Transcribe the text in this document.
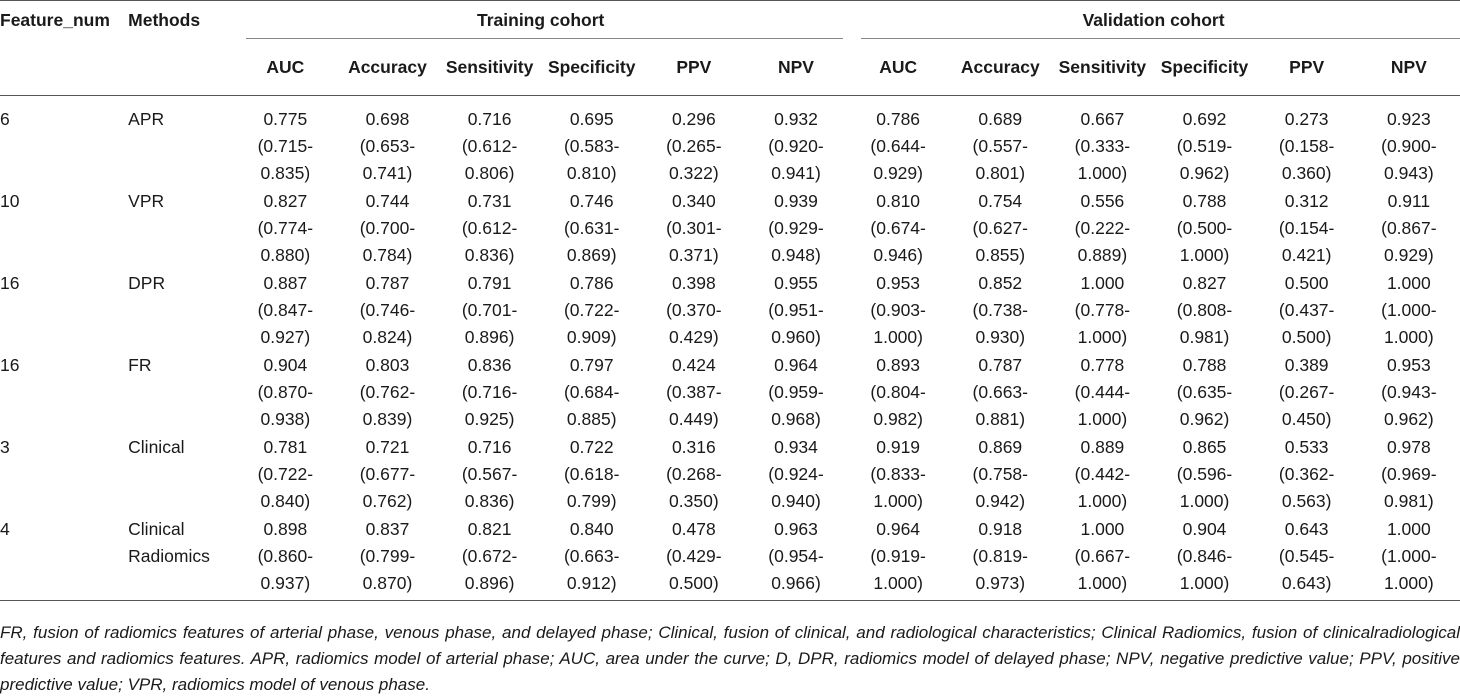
Feature_num	Methods	Training cohort						Validation cohort					

		AUC	Accuracy	Sensitivity	Specificity	PPV	NPV	AUC	Accuracy	Sensitivity	Specificity	PPV	NPV
6	APR	0.775
(0.715-
0.835)	0.698
(0.653-
0.741)	0.716
(0.612-
0.806)	0.695
(0.583-
0.810)	0.296
(0.265-
0.322)	0.932
(0.920-
0.941)	0.786
(0.644-
0.929)	0.689
(0.557-
0.801)	0.667
(0.333-
1.000)	0.692
(0.519-
0.962)	0.273
(0.158-
0.360)	0.923
(0.900-
0.943)

10	VPR	0.827
(0.774-
0.880)	0.744
(0.700-
0.784)	0.731
(0.612-
0.836)	0.746
(0.631-
0.869)	0.340
(0.301-
0.371)	0.939
(0.929-
0.948)	0.810
(0.674-
0.946)	0.754
(0.627-
0.855)	0.556
(0.222-
0.889)	0.788
(0.500-
1.000)	0.312
(0.154-
0.421)	0.911
(0.867-
0.929)

16	DPR	0.887
(0.847-
0.927)	0.787
(0.746-
0.824)	0.791
(0.701-
0.896)	0.786
(0.722-
0.909)	0.398
(0.370-
0.429)	0.955
(0.951-
0.960)	0.953
(0.903-
1.000)	0.852
(0.738-
0.930)	1.000
(0.778-
1.000)	0.827
(0.808-
0.981)	0.500
(0.437-
0.500)	1.000
(1.000-
1.000)

16	FR	0.904
(0.870-
0.938)	0.803
(0.762-
0.839)	0.836
(0.716-
0.925)	0.797
(0.684-
0.885)	0.424
(0.387-
0.449)	0.964
(0.959-
0.968)	0.893
(0.804-
0.982)	0.787
(0.663-
0.881)	0.778
(0.444-
1.000)	0.788
(0.635-
0.962)	0.389
(0.267-
0.450)	0.953
(0.943-
0.962)

3	Clinical	0.781
(0.722-
0.840)	0.721
(0.677-
0.762)	0.716
(0.567-
0.836)	0.722
(0.618-
0.799)	0.316
(0.268-
0.350)	0.934
(0.924-
0.940)	0.919
(0.833-
1.000)	0.869
(0.758-
0.942)	0.889
(0.442-
1.000)	0.865
(0.596-
1.000)	0.533
(0.362-
0.563)	0.978
(0.969-
0.981)

4	Clinical
Radiomics	0.898
(0.860-
0.937)	0.837
(0.799-
0.870)	0.821
(0.672-
0.896)	0.840
(0.663-
0.912)	0.478
(0.429-
0.500)	0.963
(0.954-
0.966)	0.964
(0.919-
1.000)	0.918
(0.819-
0.973)	1.000
(0.667-
1.000)	0.904
(0.846-
1.000)	0.643
(0.545-
0.643)	1.000
(1.000-
1.000)
FR, fusion of radiomics features of arterial phase, venous phase, and delayed phase; Clinical, fusion of clinical, and radiological characteristics; Clinical Radiomics, fusion of clinicalradiological features and radiomics features. APR, radiomics model of arterial phase; AUC, area under the curve; D, DPR, radiomics model of delayed phase; NPV, negative predictive value; PPV, positive predictive value; VPR, radiomics model of venous phase.
